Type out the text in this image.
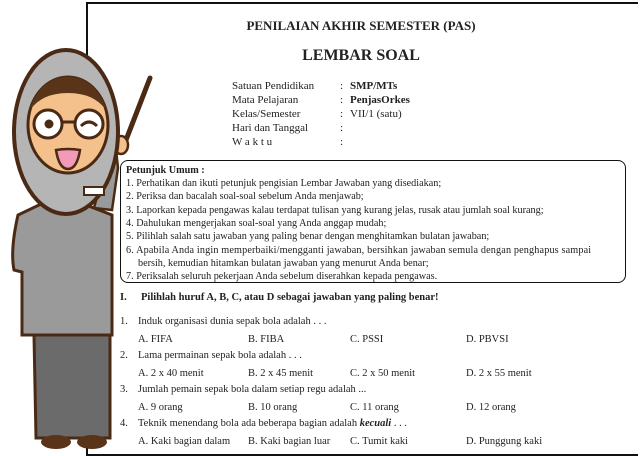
PENILAIAN AKHIR SEMESTER (PAS)
LEMBAR SOAL
Satuan Pendidikan : SMP/MTs
Mata Pelajaran	: PenjasOrkes
Kelas/Semester	: VII/1 (satu)
Hari dan Tanggal	:
W a k t u	:
Petunjuk Umum :
1. Perhatikan dan ikuti petunjuk pengisian Lembar Jawaban yang disediakan;
2. Periksa dan bacalah soal-soal sebelum Anda menjawab;
3. Laporkan kepada pengawas kalau terdapat tulisan yang kurang jelas, rusak atau jumlah soal kurang;
4. Dahulukan mengerjakan soal-soal yang Anda anggap mudah;
5. Pilihlah salah satu jawaban yang paling benar dengan menghitamkan bulatan jawaban;
6. Apabila Anda ingin memperbaiki/mengganti jawaban, bersihkan jawaban semula dengan penghapus sampai
bersih, kemudian hitamkan bulatan jawaban yang menurut Anda benar;
7. Periksalah seluruh pekerjaan Anda sebelum diserahkan kepada pengawas.
I. Pilihlah huruf A, B, C, atau D sebagai jawaban yang paling benar!
1. Induk organisasi dunia sepak bola adalah . . .
A. FIFA	B. FIBA	C. PSSI	D. PBVSI
2. Lama permainan sepak bola adalah . . .
A. 2 x 40 menit	B. 2 x 45 menit	C. 2 x 50 menit	D. 2 x 55 menit
3. Jumlah pemain sepak bola dalam setiap regu adalah ...
A. 9 orang	B. 10 orang	C. 11 orang	D. 12 orang
4. Teknik menendang bola ada beberapa bagian adalah kecuali . . .
A. Kaki bagian dalam B. Kaki bagian luar C. Tumit kaki	D. Punggung kaki
